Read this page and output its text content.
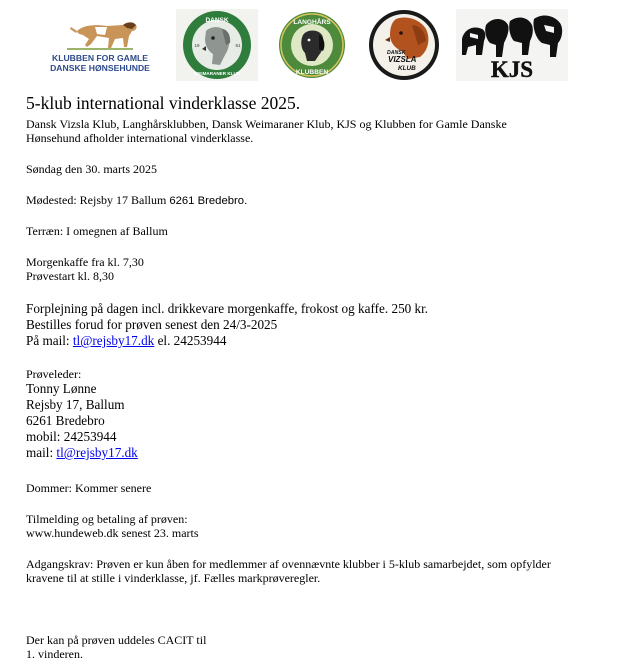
KLUBBEN FOR GAMLE
DANSKE HØNSEHUNDE
DANSK
WEIMARANER KLUB
19	61
LANGHÅRS
KLUBBEN
DANSK
VIZSLA
KLUB	KJS
5-klub international vinderklasse 2025.
Dansk Vizsla Klub, Langhårsklubben, Dansk Weimaraner Klub, KJS og Klubben for Gamle Danske
Hønsehund afholder international vinderklasse.
Søndag den 30. marts 2025
Mødested: Rejsby 17 Ballum 6261 Bredebro.
Terræn: I omegnen af Ballum
Morgenkaffe fra kl. 7,30
Prøvestart kl. 8,30
Forplejning på dagen incl. drikkevare morgenkaffe, frokost og kaffe. 250 kr.
Bestilles forud for prøven senest den 24/3-2025
På mail: tl@rejsby17.dk el. 24253944
Prøveleder:
Tonny Lønne
Rejsby 17, Ballum
6261 Bredebro
mobil: 24253944
mail: tl@rejsby17.dk
Dommer: Kommer senere
Tilmelding og betaling af prøven:
www.hundeweb.dk senest 23. marts
Adgangskrav: Prøven er kun åben for medlemmer af ovennævnte klubber i 5-klub samarbejdet, som opfylder
kravene til at stille i vinderklasse, jf. Fælles markprøveregler.
Der kan på prøven uddeles CACIT til
1. vinderen.
